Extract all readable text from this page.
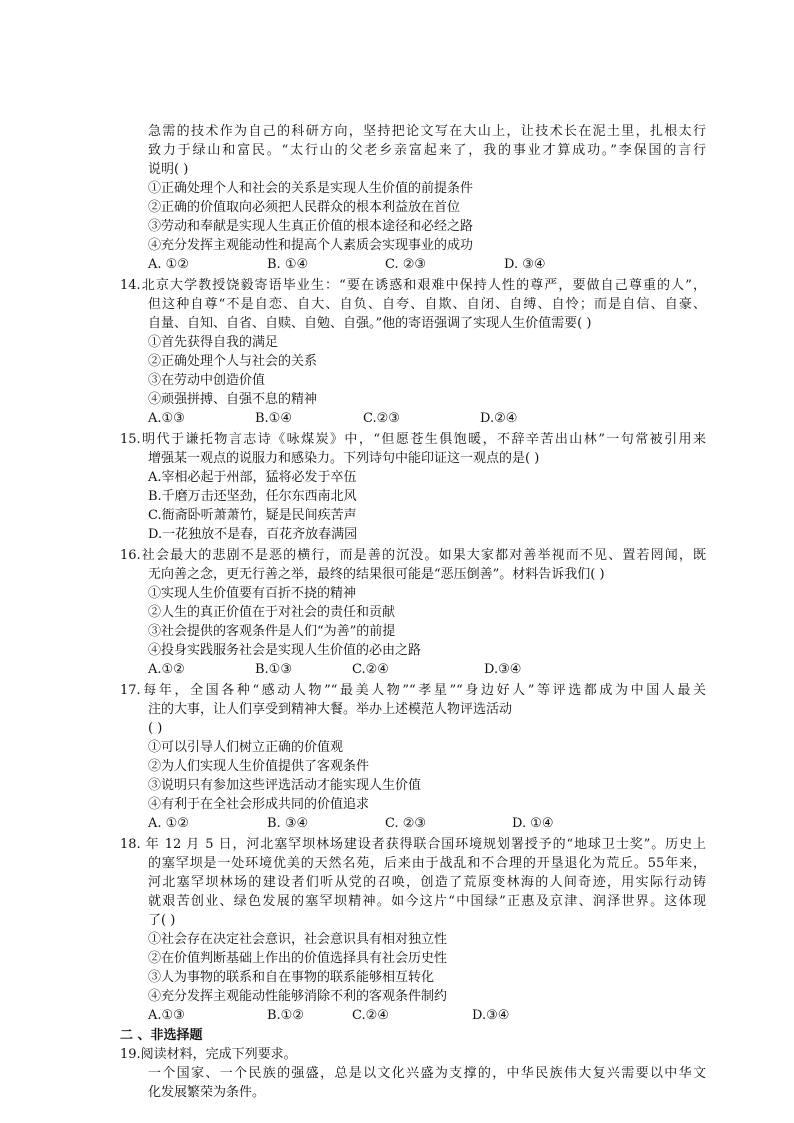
急需的技术作为自己的科研方向，坚持把论文写在大山上，让技术长在泥土里，扎根太行
致力于绿山和富民。“太行山的父老乡亲富起来了，我的事业才算成功。”李保国的言行
说明( )
①正确处理个人和社会的关系是实现人生价值的前提条件
②正确的价值取向必须把人民群众的根本利益放在首位
③劳动和奉献是实现人生真正价值的根本途径和必经之路
④充分发挥主观能动性和提高个人素质会实现事业的成功
A. ①②	B. ①④	C. ②③	D. ③④
14.北京大学教授饶毅寄语毕业生：“要在诱惑和艰难中保持人性的尊严，要做自己尊重的人”，
但这种自尊“不是自恋、自大、自负、自夸、自欺、自闭、自缚、自怜；而是自信、自豪、
自量、自知、自省、自赎、自勉、自强。”他的寄语强调了实现人生价值需要( )
①首先获得自我的满足
②正确处理个人与社会的关系
③在劳动中创造价值
④顽强拼搏、自强不息的精神
A.①③	B.①④	C.②③	D.②④
15.明代于谦托物言志诗《咏煤炭》中，“但愿苍生俱饱暖，不辞辛苦出山林”一句常被引用来
增强某一观点的说服力和感染力。下列诗句中能印证这一观点的是( )
A.宰相必起于州部，猛将必发于卒伍
B.千磨万击还坚劲，任尔东西南北风
C.衙斋卧听萧萧竹，疑是民间疾苦声
D.一花独放不是春，百花齐放春满园
16.社会最大的悲剧不是恶的横行，而是善的沉没。如果大家都对善举视而不见、置若罔闻，既
无向善之念，更无行善之举，最终的结果很可能是“恶压倒善”。材料告诉我们( )
①实现人生价值要有百折不挠的精神
②人生的真正价值在于对社会的责任和贡献
③社会提供的客观条件是人们“为善”的前提
④投身实践服务社会是实现人生价值的必由之路
A.①②	B.①③	C.②④	D.③④
17.每年，全国各种“感动人物”“最美人物”“孝星”“身边好人”等评选都成为中国人最关
注的大事，让人们享受到精神大餐。举办上述模范人物评选活动
( )
①可以引导人们树立正确的价值观
②为人们实现人生价值提供了客观条件
③说明只有参加这些评选活动才能实现人生价值
④有利于在全社会形成共同的价值追求
A. ①②	B. ③④	C. ②③	D. ①④
18. 年 12 月 5 日，河北塞罕坝林场建设者获得联合国环境规划署授予的“地球卫士奖”。历史上
的塞罕坝是一处环境优美的天然名苑，后来由于战乱和不合理的开垦退化为荒丘。55年来，
河北塞罕坝林场的建设者们听从党的召唤，创造了荒原变林海的人间奇迹，用实际行动铸
就艰苦创业、绿色发展的塞罕坝精神。如今这片“中国绿”正惠及京津、润泽世界。这体现
了( )
①社会存在决定社会意识，社会意识具有相对独立性
②在价值判断基础上作出的价值选择具有社会历史性
③人为事物的联系和自在事物的联系能够相互转化
④充分发挥主观能动性能够消除不利的客观条件制约
A.①③	B.①②	C.②④	D.③④
二 、非选择题
19.阅读材料，完成下列要求。
一个国家、一个民族的强盛，总是以文化兴盛为支撑的，中华民族伟大复兴需要以中华文
化发展繁荣为条件。
